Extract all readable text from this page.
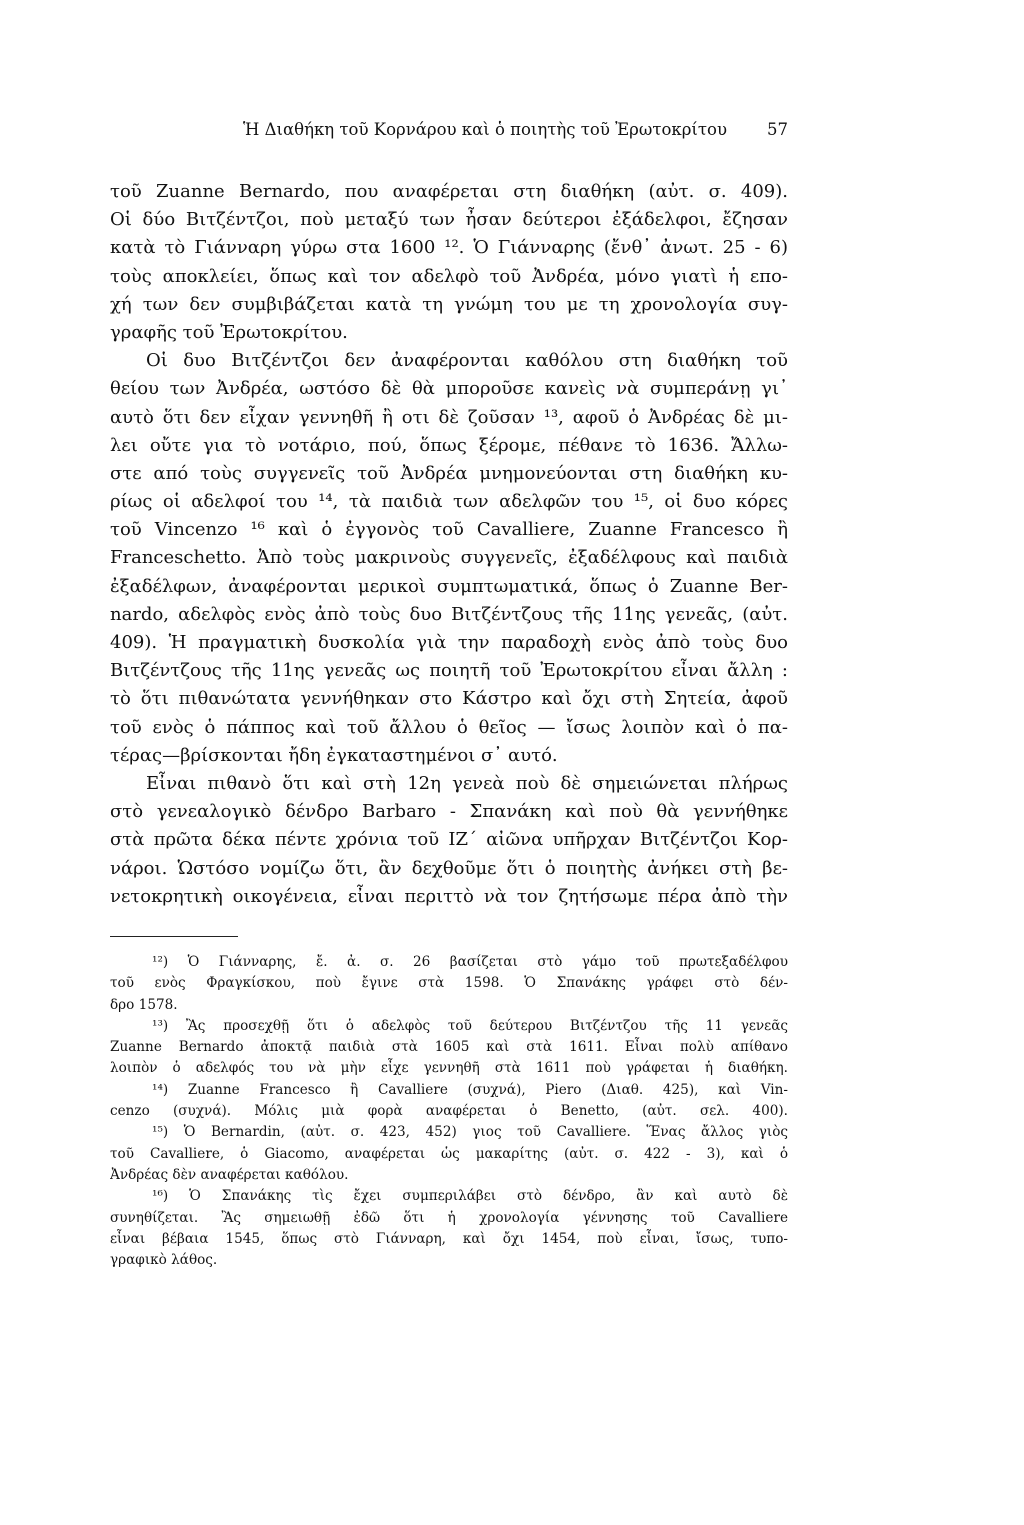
Ἡ Διαθήκη τοῦ Κορνάρου καὶ ὁ ποιητὴς τοῦ Ἐρωτοκρίτου 57
τοῦ Zuanne Bernardo, που αναφέρεται στη διαθήκη (αὐτ. σ. 409).
Οἱ δύο Βιτζέντζοι, ποὺ μεταξύ των ἦσαν δεύτεροι ἐξάδελφοι, ἔζησαν
κατὰ τὸ Γιάνναρη γύρω στα 1600 ¹². Ὁ Γιάνναρης (ἔνθ᾽ ἀνωτ. 25 - 6)
τοὺς αποκλείει, ὅπως καὶ τον αδελφὸ τοῦ Ἀνδρέα, μόνο γιατὶ ἡ επο-
χή των δεν συμβιβάζεται κατὰ τη γνώμη του με τη χρονολογία συγ-
γραφῆς τοῦ Ἐρωτοκρίτου.
Οἱ δυο Βιτζέντζοι δεν ἀναφέρονται καθόλου στη διαθήκη τοῦ
θείου των Ἀνδρέα, ωστόσο δὲ θὰ μποροῦσε κανεὶς νὰ συμπεράνῃ γι᾽
αυτὸ ὅτι δεν εἶχαν γεννηθῆ ἢ οτι δὲ ζοῦσαν ¹³, αφοῦ ὁ Ἀνδρέας δὲ μι-
λει οὔτε για τὸ νοτάριο, πού, ὅπως ξέρομε, πέθανε τὸ 1636. Ἄλλω-
στε από τοὺς συγγενεῖς τοῦ Ἀνδρέα μνημονεύονται στη διαθήκη κυ-
ρίως οἱ αδελφοί του ¹⁴, τὰ παιδιὰ των αδελφῶν του ¹⁵, οἱ δυο κόρες
τοῦ Vincenzo ¹⁶ καὶ ὁ ἐγγονὸς τοῦ Cavalliere, Zuanne Francesco ἢ
Franceschetto. Ἀπὸ τοὺς μακρινοὺς συγγενεῖς, ἐξαδέλφους καὶ παιδιὰ
ἐξαδέλφων, ἀναφέρονται μερικοὶ συμπτωματικά, ὅπως ὁ Zuanne Ber-
nardo, αδελφὸς ενὸς ἀπὸ τοὺς δυο Βιτζέντζους τῆς 11ης γενεᾶς, (αὐτ.
409). Ἡ πραγματικὴ δυσκολία γιὰ την παραδοχὴ ενὸς ἀπὸ τοὺς δυο
Βιτζέντζους τῆς 11ης γενεᾶς ως ποιητῆ τοῦ Ἐρωτοκρίτου εἶναι ἄλλη :
τὸ ὅτι πιθανώτατα γεννήθηκαν στο Κάστρο καὶ ὄχι στὴ Σητεία, ἀφοῦ
τοῦ ενὸς ὁ πάππος καὶ τοῦ ἄλλου ὁ θεῖος — ἴσως λοιπὸν καὶ ὁ πα-
τέρας—βρίσκονται ἤδη ἐγκαταστημένοι σ᾽ αυτό.
Εἶναι πιθανὸ ὅτι καὶ στὴ 12η γενεὰ ποὺ δὲ σημειώνεται πλήρως
στὸ γενεαλογικὸ δένδρο Barbaro - Σπανάκη καὶ ποὺ θὰ γεννήθηκε
στὰ πρῶτα δέκα πέντε χρόνια τοῦ ΙΖ´ αἰῶνα υπῆρχαν Βιτζέντζοι Κορ-
νάροι. Ὡστόσο νομίζω ὅτι, ἂν δεχθοῦμε ὅτι ὁ ποιητὴς ἀνήκει στὴ βε-
νετοκρητικὴ οικογένεια, εἶναι περιττὸ νὰ τον ζητήσωμε πέρα ἀπὸ τὴν
¹²) Ὁ Γιάνναρης, ἔ. ἀ. σ. 26 βασίζεται στὸ γάμο τοῦ πρωτεξαδέλφου
τοῦ ενὸς Φραγκίσκου, ποὺ ἔγινε στὰ 1598. Ὁ Σπανάκης γράφει στὸ δέν-
δρο 1578.
¹³) Ἂς προσεχθῇ ὅτι ὁ αδελφὸς τοῦ δεύτερου Βιτζέντζου τῆς 11 γενεᾶς
Zuanne Bernardo ἀποκτᾷ παιδιὰ στὰ 1605 καὶ στὰ 1611. Εἶναι πολὺ απίθανο
λοιπὸν ὁ αδελφός του νὰ μὴν εἶχε γεννηθῆ στὰ 1611 ποὺ γράφεται ἡ διαθήκη.
¹⁴) Zuanne Francesco ἢ Cavalliere (συχνά), Piero (Διαθ. 425), καὶ Vin-
cenzo (συχνά). Μόλις μιὰ φορὰ αναφέρεται ὁ Benetto, (αὐτ. σελ. 400).
¹⁵) Ὁ Bernardin, (αὐτ. σ. 423, 452) γιος τοῦ Cavalliere. Ἕνας ἄλλος γιὸς
τοῦ Cavalliere, ὁ Giacomo, αναφέρεται ὡς μακαρίτης (αὐτ. σ. 422 - 3), καὶ ὁ
Ἀνδρέας δὲν αναφέρεται καθόλου.
¹⁶) Ὁ Σπανάκης τὶς ἔχει συμπεριλάβει στὸ δένδρο, ἂν καὶ αυτὸ δὲ
συνηθίζεται. Ἂς σημειωθῇ ἐδῶ ὅτι ἡ χρονολογία γέννησης τοῦ Cavalliere
εἶναι βέβαια 1545, ὅπως στὸ Γιάνναρη, καὶ ὄχι 1454, ποὺ εἶναι, ἴσως, τυπο-
γραφικὸ λάθος.
